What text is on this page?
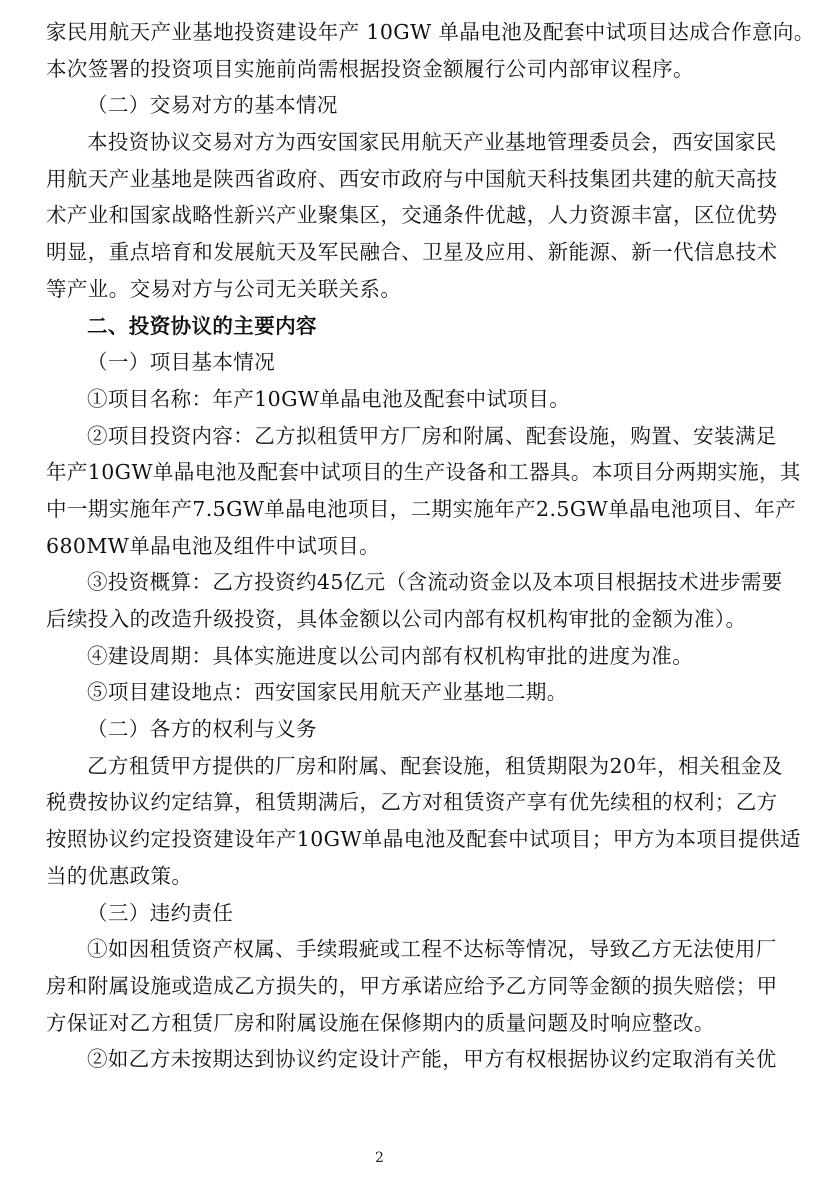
家民用航天产业基地投资建设年产 10GW 单晶电池及配套中试项目达成合作意向。
本次签署的投资项目实施前尚需根据投资金额履行公司内部审议程序。
（二）交易对方的基本情况
本投资协议交易对方为西安国家民用航天产业基地管理委员会，西安国家民
用航天产业基地是陕西省政府、西安市政府与中国航天科技集团共建的航天高技
术产业和国家战略性新兴产业聚集区，交通条件优越，人力资源丰富，区位优势
明显，重点培育和发展航天及军民融合、卫星及应用、新能源、新一代信息技术
等产业。交易对方与公司无关联关系。
二、投资协议的主要内容
（一）项目基本情况
①项目名称：年产10GW单晶电池及配套中试项目。
②项目投资内容：乙方拟租赁甲方厂房和附属、配套设施，购置、安装满足
年产10GW单晶电池及配套中试项目的生产设备和工器具。本项目分两期实施，其
中一期实施年产7.5GW单晶电池项目，二期实施年产2.5GW单晶电池项目、年产
680MW单晶电池及组件中试项目。
③投资概算：乙方投资约45亿元（含流动资金以及本项目根据技术进步需要
后续投入的改造升级投资，具体金额以公司内部有权机构审批的金额为准）。
④建设周期：具体实施进度以公司内部有权机构审批的进度为准。
⑤项目建设地点：西安国家民用航天产业基地二期。
（二）各方的权利与义务
乙方租赁甲方提供的厂房和附属、配套设施，租赁期限为20年，相关租金及
税费按协议约定结算，租赁期满后，乙方对租赁资产享有优先续租的权利；乙方
按照协议约定投资建设年产10GW单晶电池及配套中试项目；甲方为本项目提供适
当的优惠政策。
（三）违约责任
①如因租赁资产权属、手续瑕疵或工程不达标等情况，导致乙方无法使用厂
房和附属设施或造成乙方损失的，甲方承诺应给予乙方同等金额的损失赔偿；甲
方保证对乙方租赁厂房和附属设施在保修期内的质量问题及时响应整改。
②如乙方未按期达到协议约定设计产能，甲方有权根据协议约定取消有关优
2
